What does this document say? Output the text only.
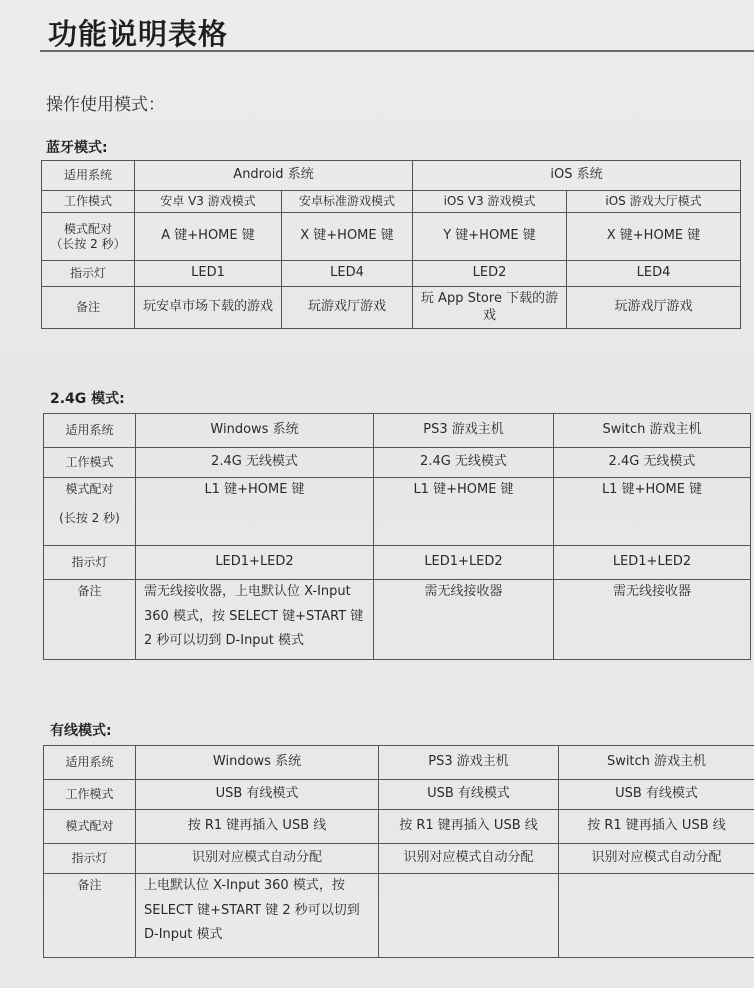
功能说明表格
操作使用模式：
蓝牙模式:
适用系统	Android 系统		iOS 系统	
工作模式	安卓 V3 游戏模式	安卓标准游戏模式	iOS V3 游戏模式	iOS 游戏大厅模式

模式配对
（长按 2 秒）	A 键+HOME 键	X 键+HOME 键	Y 键+HOME 键	X 键+HOME 键
指示灯	LED1	LED4	LED2	LED4
备注	玩安卓市场下载的游戏	玩游戏厅游戏	玩 App Store 下载的游戏	玩游戏厅游戏
2.4G 模式:
适用系统	Windows 系统	PS3 游戏主机	Switch 游戏主机
工作模式	2.4G 无线模式	2.4G 无线模式	2.4G 无线模式

模式配对
(长按 2 秒)	L1 键+HOME 键	L1 键+HOME 键	L1 键+HOME 键
指示灯	LED1+LED2	LED1+LED2	LED1+LED2
备注	需无线接收器，上电默认位 X-Input 360 模式，按 SELECT 键+START 键 2 秒可以切到 D-Input 模式	需无线接收器	需无线接收器
有线模式:
适用系统	Windows 系统	PS3 游戏主机	Switch 游戏主机
工作模式	USB 有线模式	USB 有线模式	USB 有线模式
模式配对	按 R1 键再插入 USB 线	按 R1 键再插入 USB 线	按 R1 键再插入 USB 线
指示灯	识别对应模式自动分配	识别对应模式自动分配	识别对应模式自动分配
备注	上电默认位 X-Input 360 模式，按 SELECT 键+START 键 2 秒可以切到 D-Input 模式		
